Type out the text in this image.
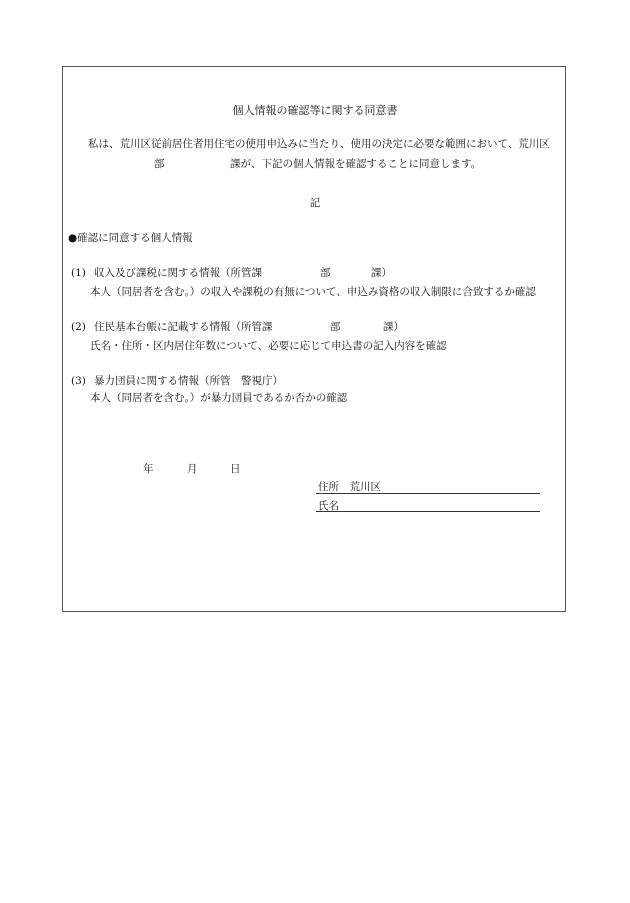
個人情報の確認等に関する同意書
私は、荒川区従前居住者用住宅の使用申込みに当たり、使用の決定に必要な範囲において、荒川区
部	課が、下記の個人情報を確認することに同意します。
記
●確認に同意する個人情報
(1) 収入及び課税に関する情報（所管課	部	課）
本人（同居者を含む。）の収入や課税の有無について、申込み資格の収入制限に合致するか確認
(2) 住民基本台帳に記載する情報（所管課	部	課）
氏名・住所・区内居住年数について、必要に応じて申込書の記入内容を確認
(3) 暴力団員に関する情報（所管　警視庁）
本人（同居者を含む。）が暴力団員であるか否かの確認
年	月	日
住所　荒川区
氏名
